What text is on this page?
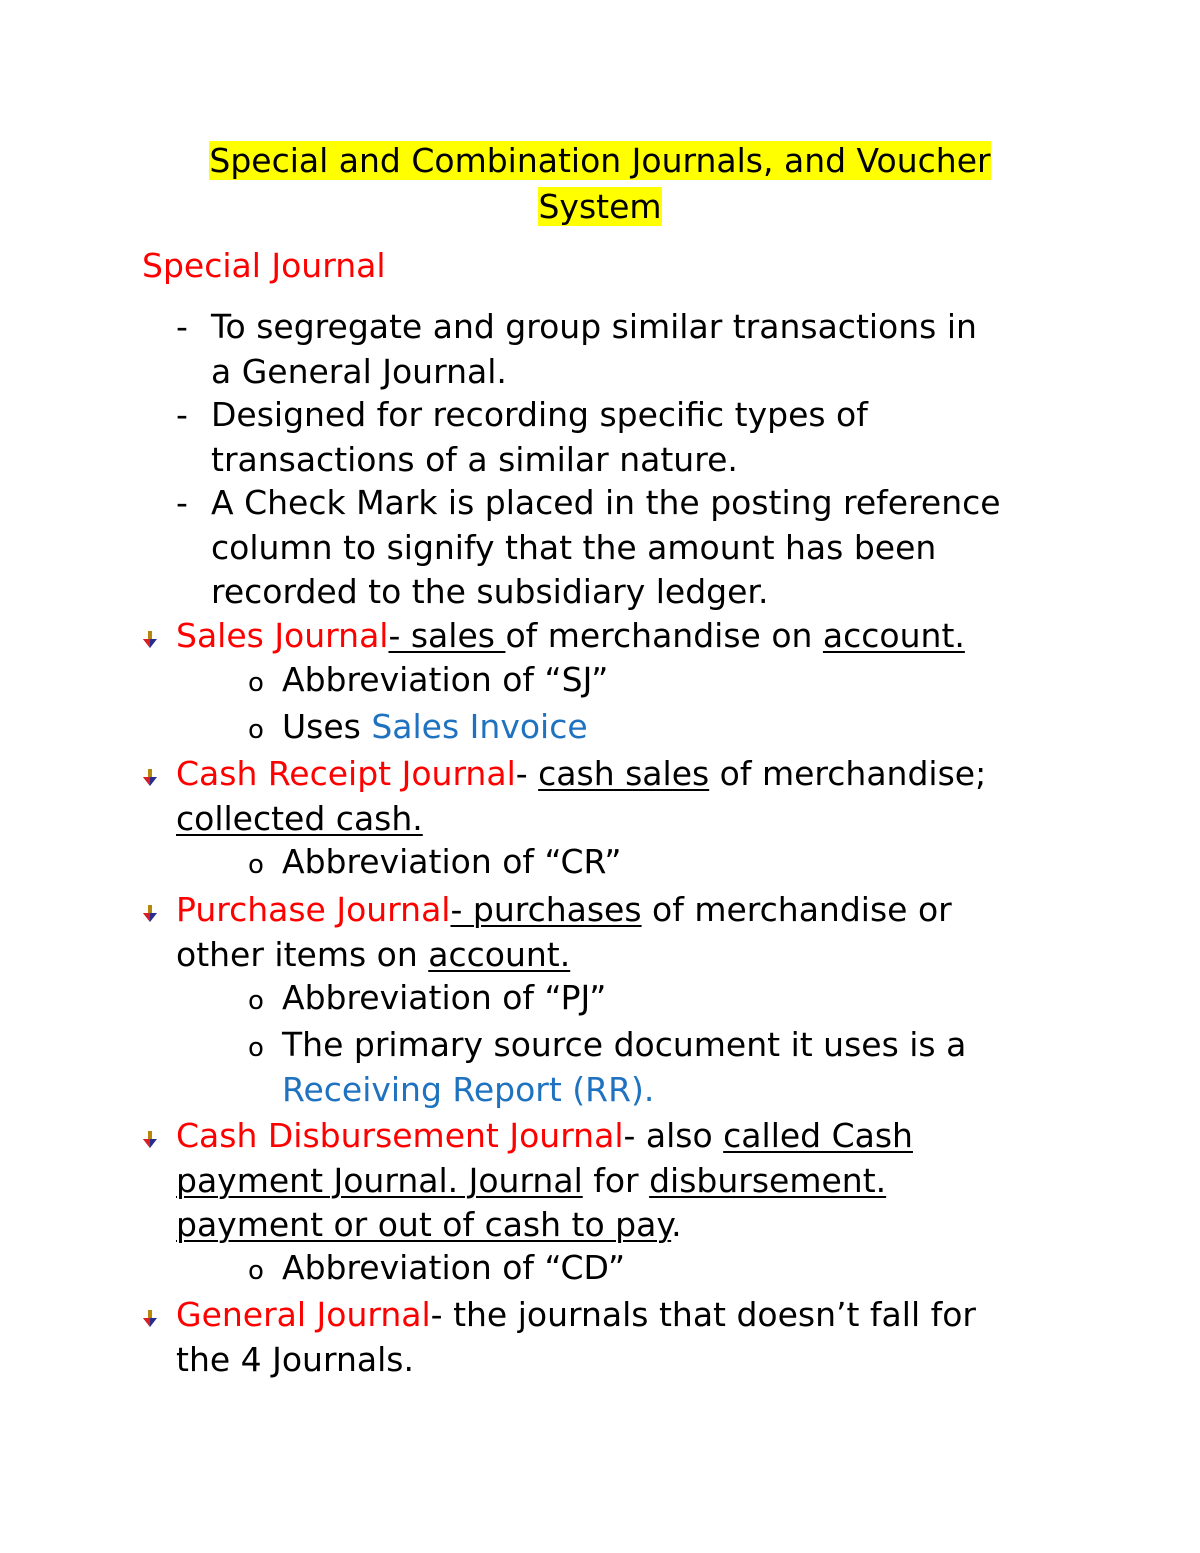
Special and Combination Journals, and Voucher
System
Special Journal
- To segregate and group similar transactions in
a General Journal.
- Designed for recording specific types of
transactions of a similar nature.
- A Check Mark is placed in the posting reference
column to signify that the amount has been
recorded to the subsidiary ledger.
Sales Journal- sales of merchandise on account.
o Abbreviation of “SJ”
o Uses Sales Invoice
Cash Receipt Journal- cash sales of merchandise;
collected cash.
o Abbreviation of “CR”
Purchase Journal- purchases of merchandise or
other items on account.
o Abbreviation of “PJ”
o The primary source document it uses is a
Receiving Report (RR).
Cash Disbursement Journal- also called Cash
payment Journal. Journal for disbursement.
payment or out of cash to pay.
o Abbreviation of “CD”
General Journal- the journals that doesn’t fall for
the 4 Journals.
